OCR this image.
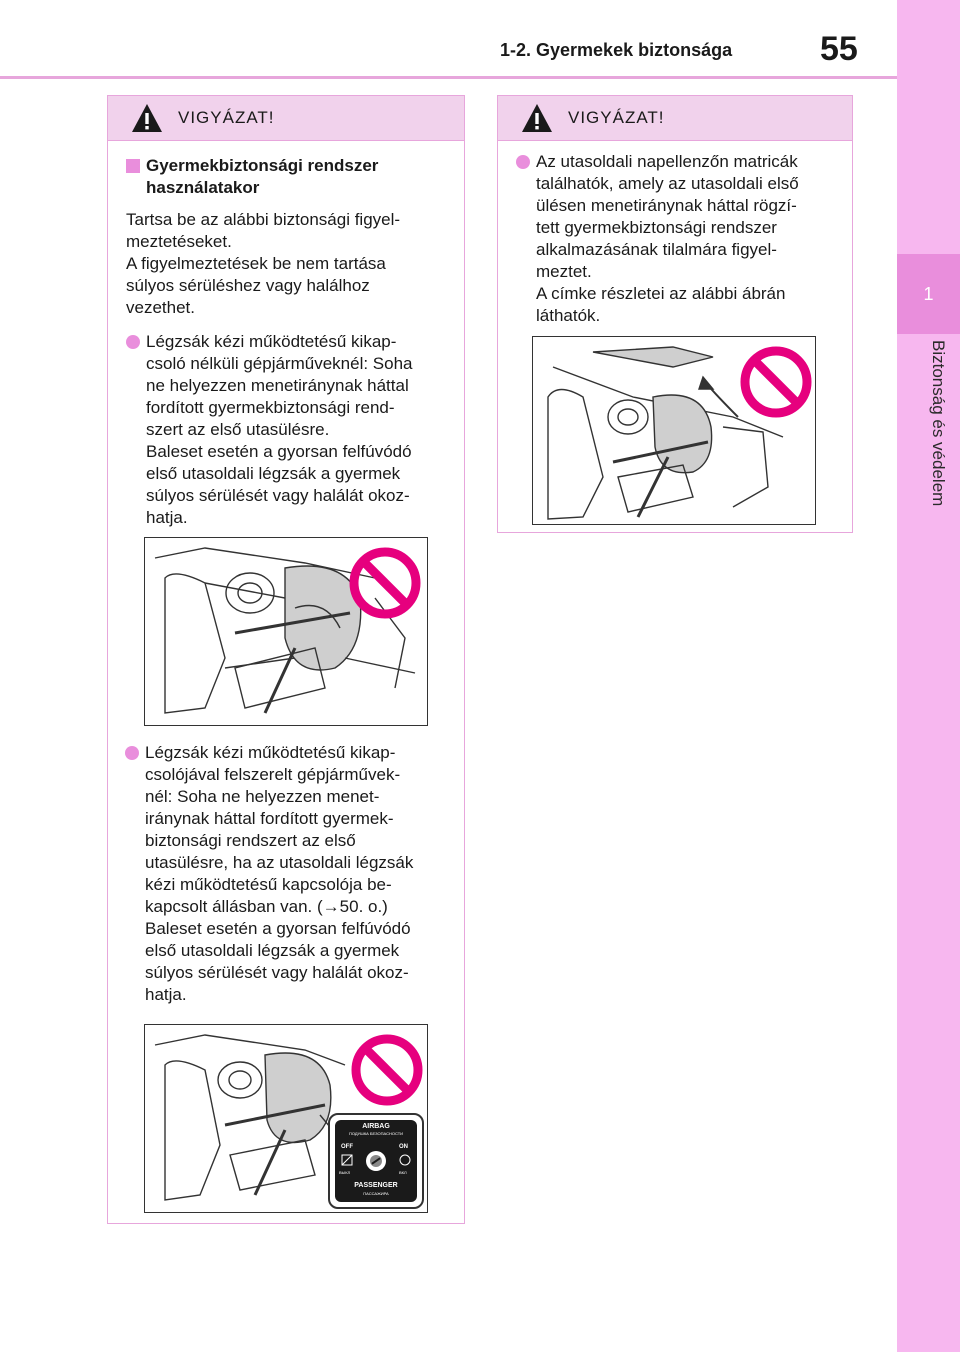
1-2. Gyermekek biztonsága	55
1
Biztonság és védelem
VIGYÁZAT!
Gyermekbiztonsági rendszer
használatakor
Tartsa be az alábbi biztonsági figyel-
meztetéseket.
A figyelmeztetések be nem tartása
súlyos sérüléshez vagy halálhoz
vezethet.
Légzsák kézi működtetésű kikap-
csoló nélküli gépjárműveknél: Soha
ne helyezzen menetiránynak háttal
fordított gyermekbiztonsági rend-
szert az első utasülésre.
Baleset esetén a gyorsan felfúvódó
első utasoldali légzsák a gyermek
súlyos sérülését vagy halálát okoz-
hatja.
Légzsák kézi működtetésű kikap-
csolójával felszerelt gépjárművek-
nél: Soha ne helyezzen menet-
iránynak háttal fordított gyermek-
biztonsági rendszert az első
utasülésre, ha az utasoldali légzsák
kézi működtetésű kapcsolója be-
kapcsolt állásban van. (→50. o.)
Baleset esetén a gyorsan felfúvódó
első utasoldali légzsák a gyermek
súlyos sérülését vagy halálát okoz-
hatja.
AIRBAG
ПОДУШКА БЕЗОПАСНОСТИ
OFF	ON
ВЫКЛ	ВКЛ
PASSENGER
ПАССАЖИРА
VIGYÁZAT!
Az utasoldali napellenzőn matricák
találhatók, amely az utasoldali első
ülésen menetiránynak háttal rögzí-
tett gyermekbiztonsági rendszer
alkalmazásának tilalmára figyel-
meztet.
A címke részletei az alábbi ábrán
láthatók.
